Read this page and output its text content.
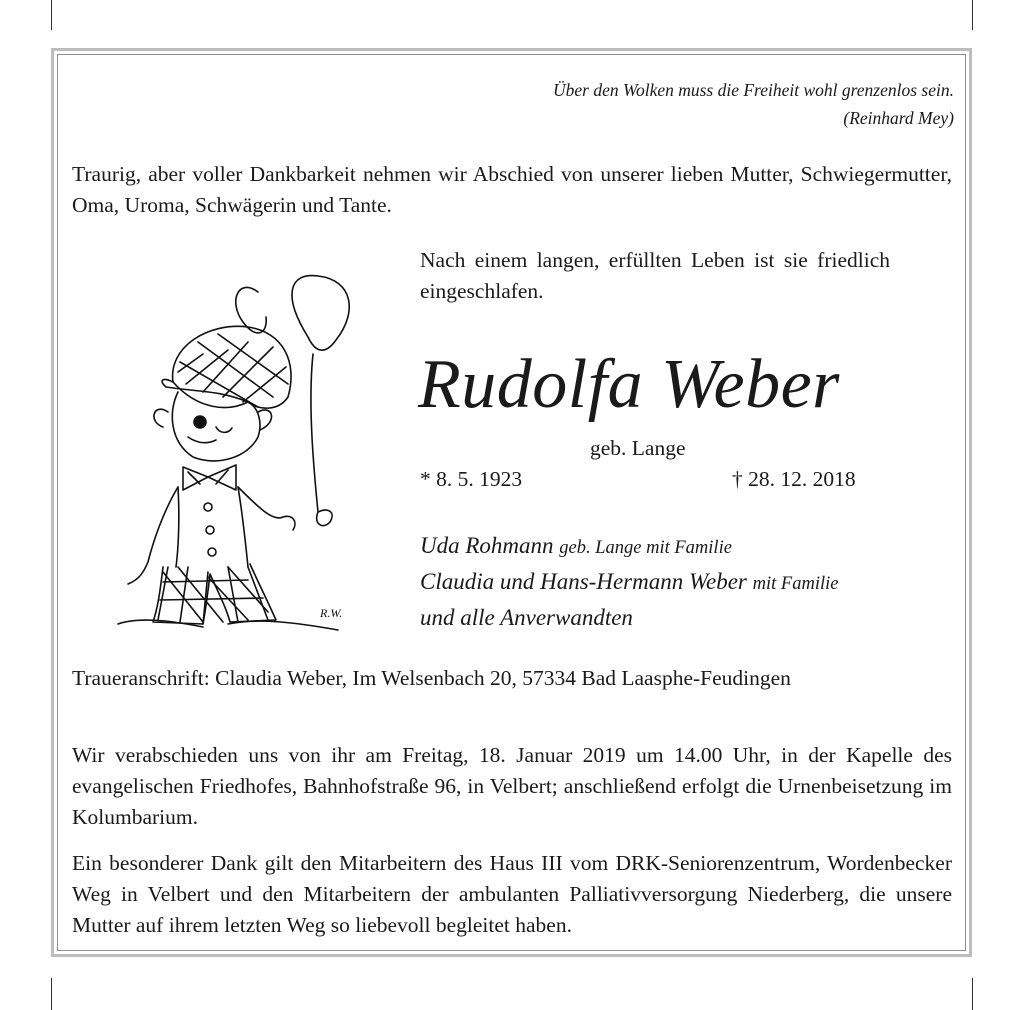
Über den Wolken muss die Freiheit wohl grenzenlos sein.
(Reinhard Mey)

Traurig, aber voller Dankbarkeit nehmen wir Abschied von unserer lieben Mutter, Schwiegermutter, Oma, Uroma, Schwägerin und Tante.

Nach einem langen, erfüllten Leben ist sie friedlich eingeschlafen.

Rudolfa Weber
geb. Lange
* 8. 5. 1923	† 28. 12. 2018
R.W.
Uda Rohmann geb. Lange mit Familie
Claudia und Hans-Hermann Weber mit Familie
und alle Anverwandten
Traueranschrift: Claudia Weber, Im Welsenbach 20, 57334 Bad Laasphe-Feudingen

Wir verabschieden uns von ihr am Freitag, 18. Januar 2019 um 14.00 Uhr, in der Kapelle des evangelischen Friedhofes, Bahnhofstraße 96, in Velbert; anschließend erfolgt die Urnenbeisetzung im Kolumbarium.

Ein besonderer Dank gilt den Mitarbeitern des Haus III vom DRK-Seniorenzentrum, Wordenbecker Weg in Velbert und den Mitarbeitern der ambulanten Palliativversorgung Niederberg, die unsere Mutter auf ihrem letzten Weg so liebevoll begleitet haben.
